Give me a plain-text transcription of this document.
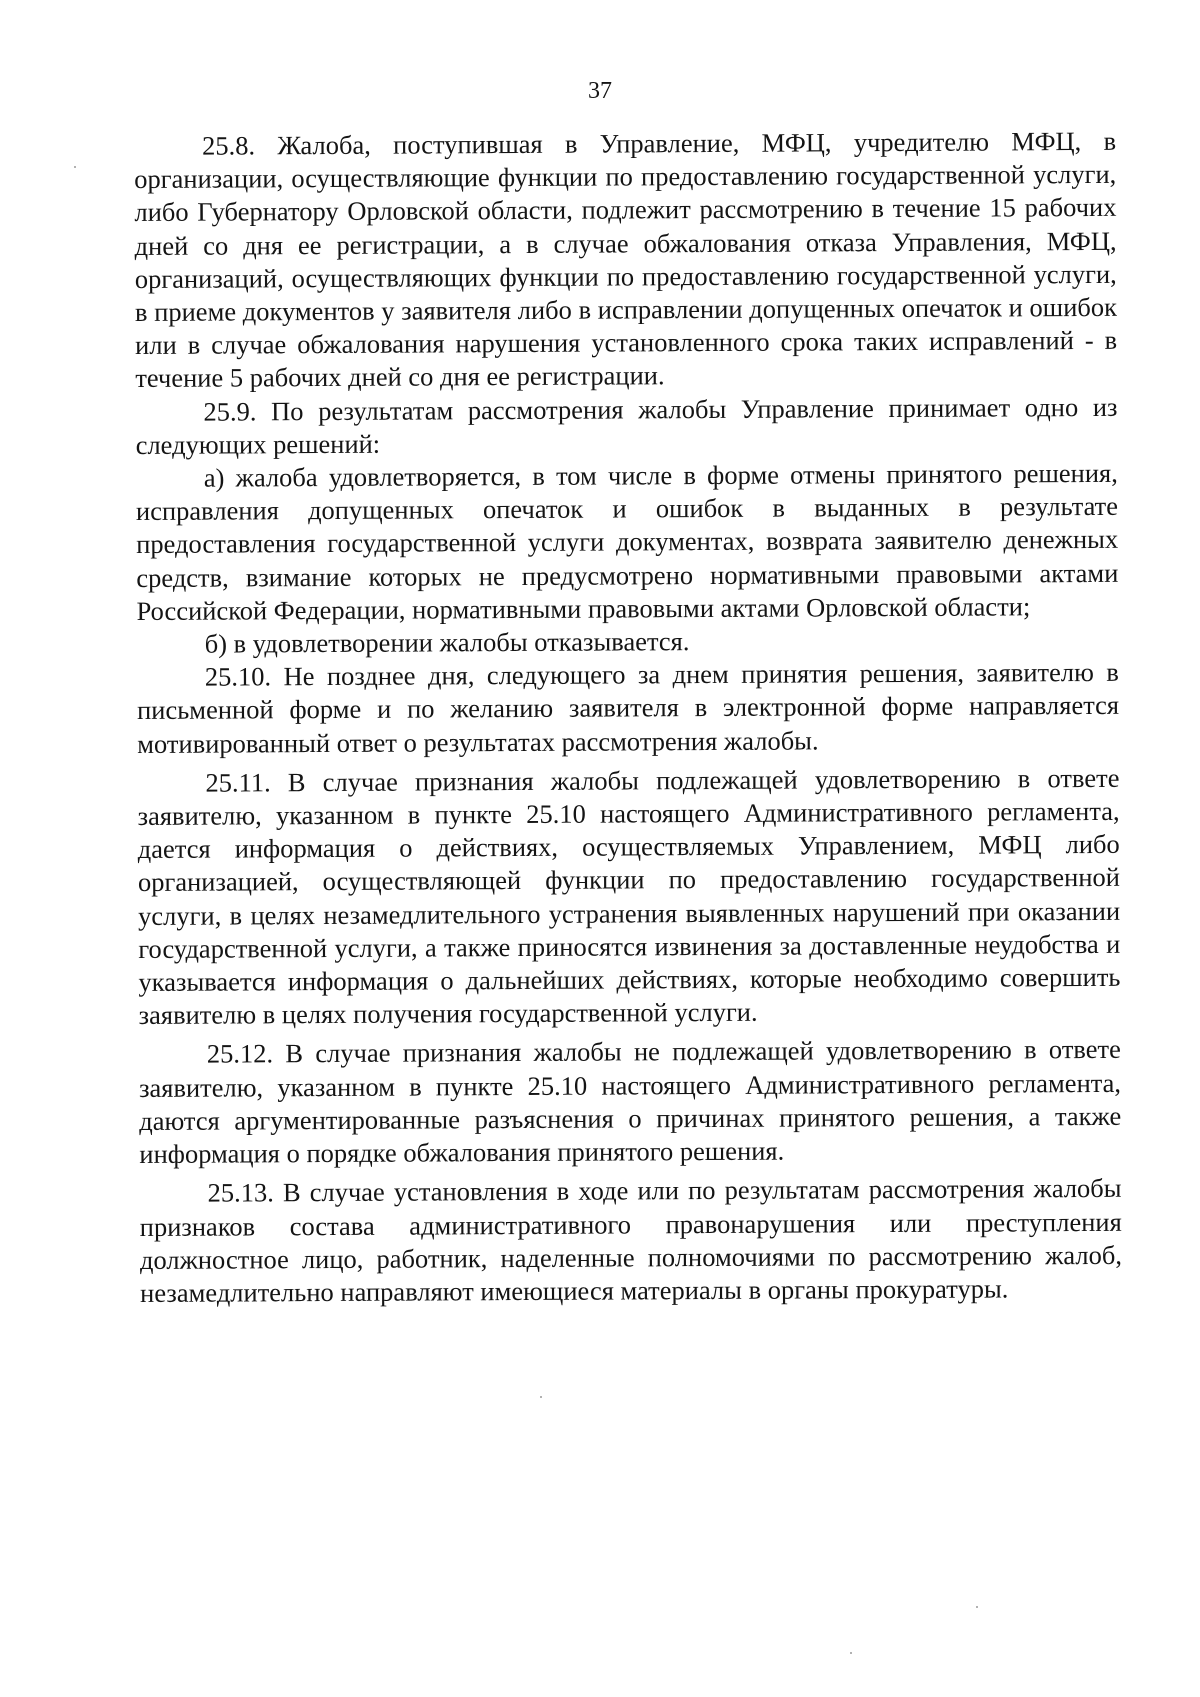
37

25.8. Жалоба, поступившая в Управление, МФЦ, учредителю МФЦ, в организации, осуществляющие функции по предоставлению государственной услуги, либо Губернатору Орловской области, подлежит рассмотрению в течение 15 рабочих дней со дня ее регистрации, а в случае обжалования отказа Управления, МФЦ, организаций, осуществляющих функции по предоставлению государственной услуги, в приеме документов у заявителя либо в исправлении допущенных опечаток и ошибок или в случае обжалования нарушения установленного срока таких исправлений - в течение 5 рабочих дней со дня ее регистрации.

25.9. По результатам рассмотрения жалобы Управление принимает одно из следующих решений:

а) жалоба удовлетворяется, в том числе в форме отмены принятого решения, исправления допущенных опечаток и ошибок в выданных в результате предоставления государственной услуги документах, возврата заявителю денежных средств, взимание которых не предусмотрено нормативными правовыми актами Российской Федерации, нормативными правовыми актами Орловской области;

б) в удовлетворении жалобы отказывается.

25.10. Не позднее дня, следующего за днем принятия решения, заявителю в письменной форме и по желанию заявителя в электронной форме направляется мотивированный ответ о результатах рассмотрения жалобы.

25.11. В случае признания жалобы подлежащей удовлетворению в ответе заявителю, указанном в пункте 25.10 настоящего Административного регламента, дается информация о действиях, осуществляемых Управлением, МФЦ либо организацией, осуществляющей функции по предоставлению государственной услуги, в целях незамедлительного устранения выявленных нарушений при оказании государственной услуги, а также приносятся извинения за доставленные неудобства и указывается информация о дальнейших действиях, которые необходимо совершить заявителю в целях получения государственной услуги.

25.12. В случае признания жалобы не подлежащей удовлетворению в ответе заявителю, указанном в пункте 25.10 настоящего Административного регламента, даются аргументированные разъяснения о причинах принятого решения, а также информация о порядке обжалования принятого решения.

25.13. В случае установления в ходе или по результатам рассмотрения жалобы признаков состава административного правонарушения или преступления должностное лицо, работник, наделенные полномочиями по рассмотрению жалоб, незамедлительно направляют имеющиеся материалы в органы прокуратуры.
